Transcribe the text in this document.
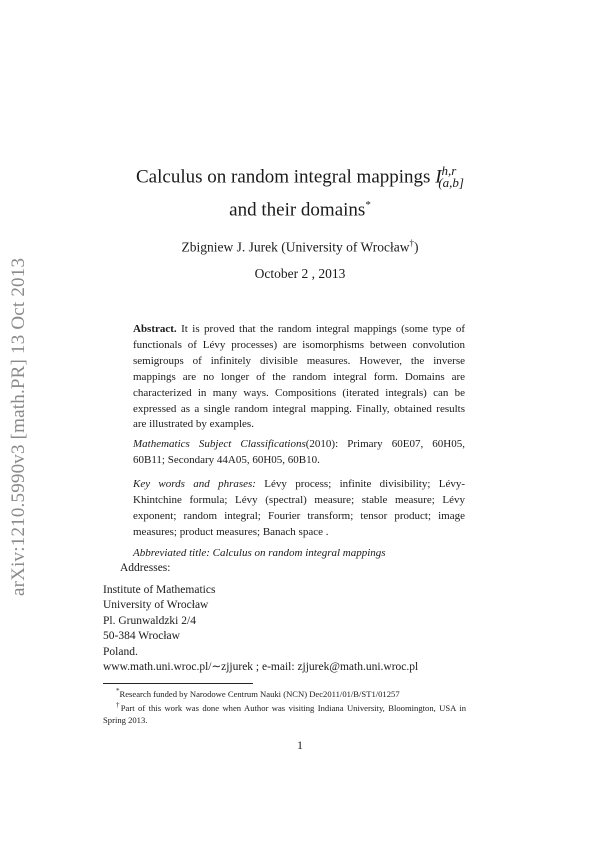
arXiv:1210.5990v3 [math.PR] 13 Oct 2013
Calculus on random integral mappings I$^{h,r}_{(a,b]}$
and their domains*
Zbigniew J. Jurek (University of Wrocław†)
October 2 , 2013

Abstract. It is proved that the random integral mappings (some type of functionals of Lévy processes) are isomorphisms between convolution semigroups of infinitely divisible measures. However, the inverse mappings are no longer of the random integral form. Domains are characterized in many ways. Compositions (iterated integrals) can be expressed as a single random integral mapping. Finally, obtained results are illustrated by examples.

Mathematics Subject Classifications(2010): Primary 60E07, 60H05, 60B11; Secondary 44A05, 60H05, 60B10.

Key words and phrases: Lévy process; infinite divisibility; Lévy-Khintchine formula; Lévy (spectral) measure; stable measure; Lévy exponent; random integral; Fourier transform; tensor product; image measures; product measures; Banach space .

Abbreviated title: Calculus on random integral mappings

Addresses:
Institute of Mathematics
University of Wrocław
Pl. Grunwaldzki 2/4
50-384 Wrocław
Poland.
www.math.uni.wroc.pl/∼zjjurek ; e-mail: zjjurek@math.uni.wroc.pl

*Research funded by Narodowe Centrum Nauki (NCN) Dec2011/01/B/ST1/01257

†Part of this work was done when Author was visiting Indiana University, Bloomington, USA in Spring 2013.

1
